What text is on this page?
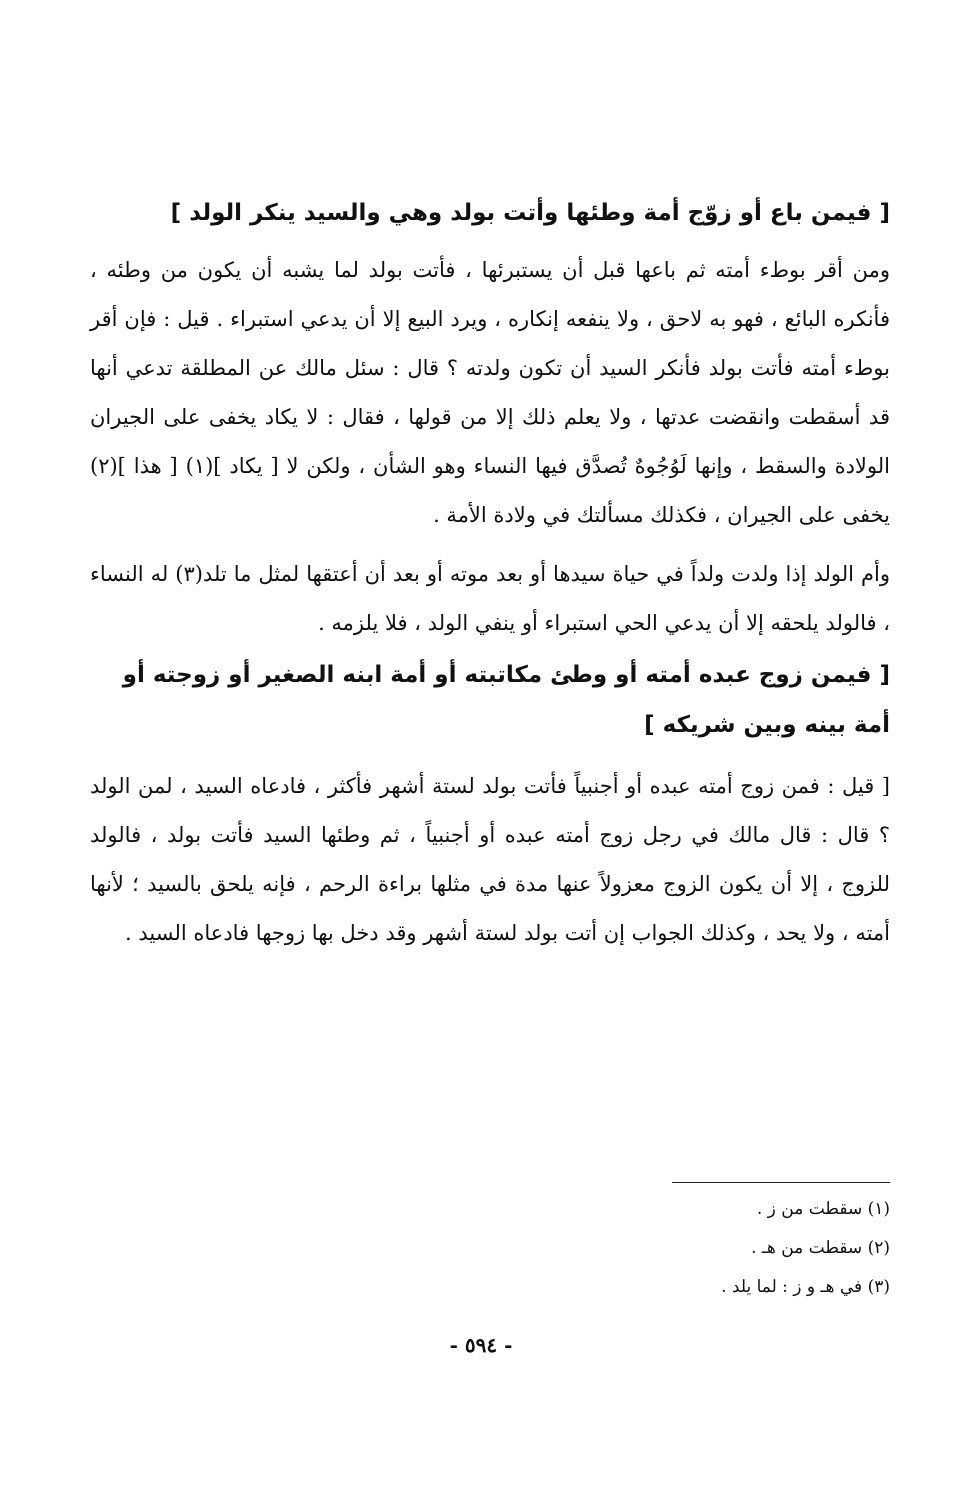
[ فيمن باع أو زوّج أمة وطئها وأتت بولد وهي والسيد ينكر الولد ]

ومن أقر بوطء أمته ثم باعها قبل أن يستبرئها ، فأتت بولد لما يشبه أن يكون من وطئه ، فأنكره البائع ، فهو به لاحق ، ولا ينفعه إنكاره ، ويرد البيع إلا أن يدعي استبراء . قيل : فإن أقر بوطء أمته فأتت بولد فأنكر السيد أن تكون ولدته ؟ قال : سئل مالك عن المطلقة تدعي أنها قد أسقطت وانقضت عدتها ، ولا يعلم ذلك إلا من قولها ، فقال : لا يكاد يخفى على الجيران الولادة والسقط ، وإنها لَوُجُوهٌ تُصدَّق فيها النساء وهو الشأن ، ولكن لا [ يكاد ](١) [ هذا ](٢) يخفى على الجيران ، فكذلك مسألتك في ولادة الأمة .

وأم الولد إذا ولدت ولداً في حياة سيدها أو بعد موته أو بعد أن أعتقها لمثل ما تلد(٣) له النساء ، فالولد يلحقه إلا أن يدعي الحي استبراء أو ينفي الولد ، فلا يلزمه .

[ فيمن زوج عبده أمته أو وطئ مكاتبته أو أمة ابنه الصغير أو زوجته أو أمة بينه وبين شريكه ]

[ قيل : فمن زوج أمته عبده أو أجنبياً فأتت بولد لستة أشهر فأكثر ، فادعاه السيد ، لمن الولد ؟ قال : قال مالك في رجل زوج أمته عبده أو أجنبياً ، ثم وطئها السيد فأتت بولد ، فالولد للزوج ، إلا أن يكون الزوج معزولاً عنها مدة في مثلها براءة الرحم ، فإنه يلحق بالسيد ؛ لأنها أمته ، ولا يحد ، وكذلك الجواب إن أتت بولد لستة أشهر وقد دخل بها زوجها فادعاه السيد .

(١) سقطت من ز .

(٢) سقطت من هـ .

(٣) في هـ و ز : لما يلد .

- ٥٩٤ -
